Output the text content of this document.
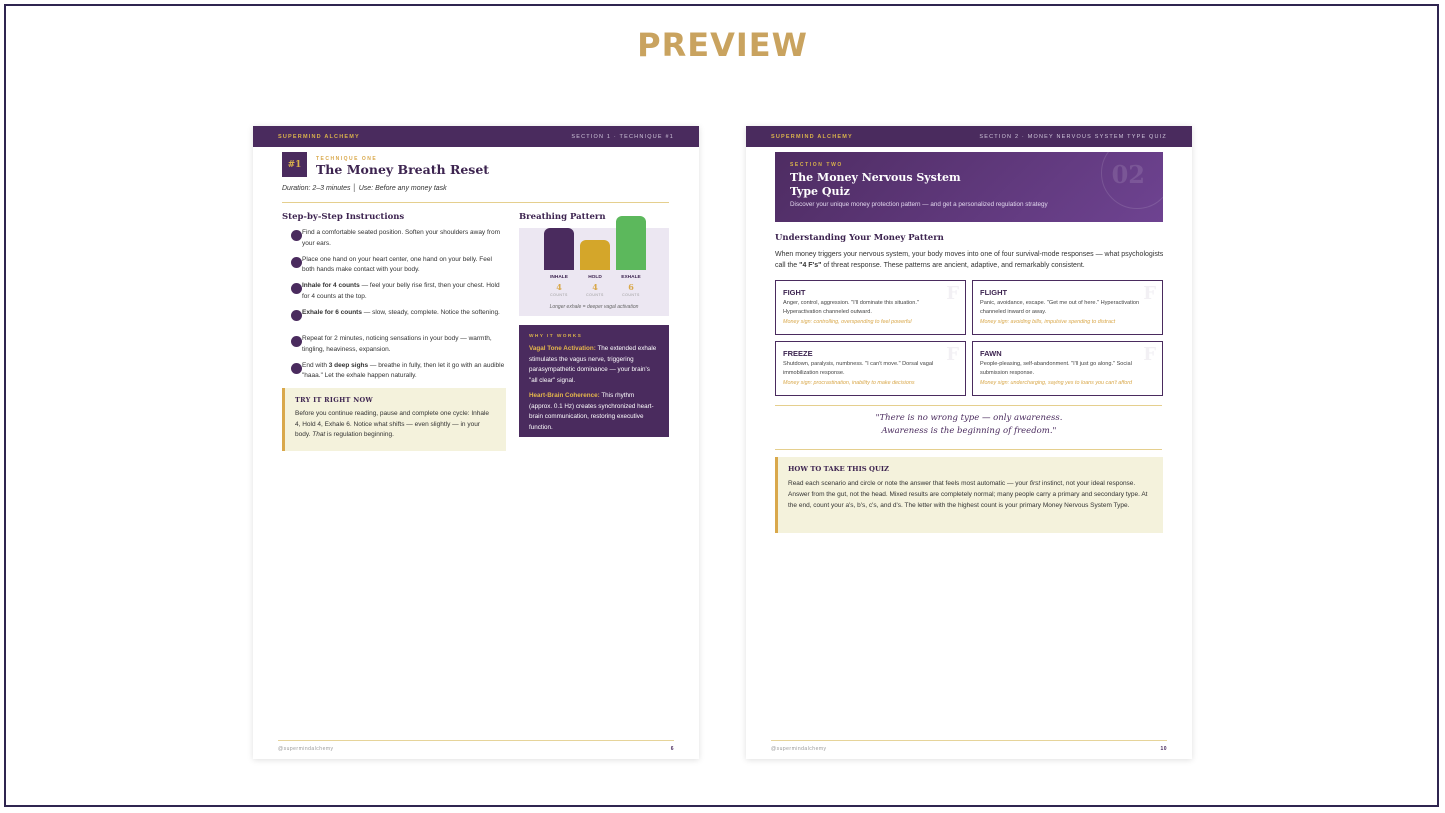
PREVIEW
SUPERMIND ALCHEMY	SECTION 1 · TECHNIQUE #1
#1
TECHNIQUE ONE
The Money Breath Reset
Duration: 2–3 minutes │ Use: Before any money task
Step-by-Step Instructions
Find a comfortable seated position. Soften your shoulders away from your ears.
Place one hand on your heart center, one hand on your belly. Feel both hands make contact with your body.
Inhale for 4 counts — feel your belly rise first, then your chest. Hold for 4 counts at the top.
Exhale for 6 counts — slow, steady, complete. Notice the softening.
Repeat for 2 minutes, noticing sensations in your body — warmth, tingling, heaviness, expansion.
End with 3 deep sighs — breathe in fully, then let it go with an audible "haaa." Let the exhale happen naturally.
TRY IT RIGHT NOW
Before you continue reading, pause and complete one cycle: Inhale 4, Hold 4, Exhale 6. Notice what shifts — even slightly — in your body. That is regulation beginning.
Breathing Pattern
Longer exhale = deeper vagal activation
INHALE
4
COUNTS
HOLD
4
COUNTS
EXHALE
6
COUNTS
WHY IT WORKS

Vagal Tone Activation: The extended exhale stimulates the vagus nerve, triggering parasympathetic dominance — your brain's "all clear" signal.

Heart-Brain Coherence: This rhythm (approx. 0.1 Hz) creates synchronized heart-brain communication, restoring executive function.

@supermindalchemy	6
SUPERMIND ALCHEMY	SECTION 2 · MONEY NERVOUS SYSTEM TYPE QUIZ
02
SECTION TWO
The Money Nervous System
Type Quiz
Discover your unique money protection pattern — and get a personalized regulation strategy
Understanding Your Money Pattern
When money triggers your nervous system, your body moves into one of four survival-mode responses — what psychologists call the "4 F's" of threat response. These patterns are ancient, adaptive, and remarkably consistent.
F
FIGHT
Anger, control, aggression. "I'll dominate this situation." Hyperactivation channeled outward.
Money sign: controlling, overspending to feel powerful
F
FLIGHT
Panic, avoidance, escape. "Get me out of here." Hyperactivation channeled inward or away.
Money sign: avoiding bills, impulsive spending to distract
F
FREEZE
Shutdown, paralysis, numbness. "I can't move." Dorsal vagal immobilization response.
Money sign: procrastination, inability to make decisions
F
FAWN
People-pleasing, self-abandonment. "I'll just go along." Social submission response.
Money sign: undercharging, saying yes to loans you can't afford
"There is no wrong type — only awareness.
Awareness is the beginning of freedom."
HOW TO TAKE THIS QUIZ
Read each scenario and circle or note the answer that feels most automatic — your first instinct, not your ideal response. Answer from the gut, not the head. Mixed results are completely normal; many people carry a primary and secondary type. At the end, count your a's, b's, c's, and d's. The letter with the highest count is your primary Money Nervous System Type.
@supermindalchemy	10
